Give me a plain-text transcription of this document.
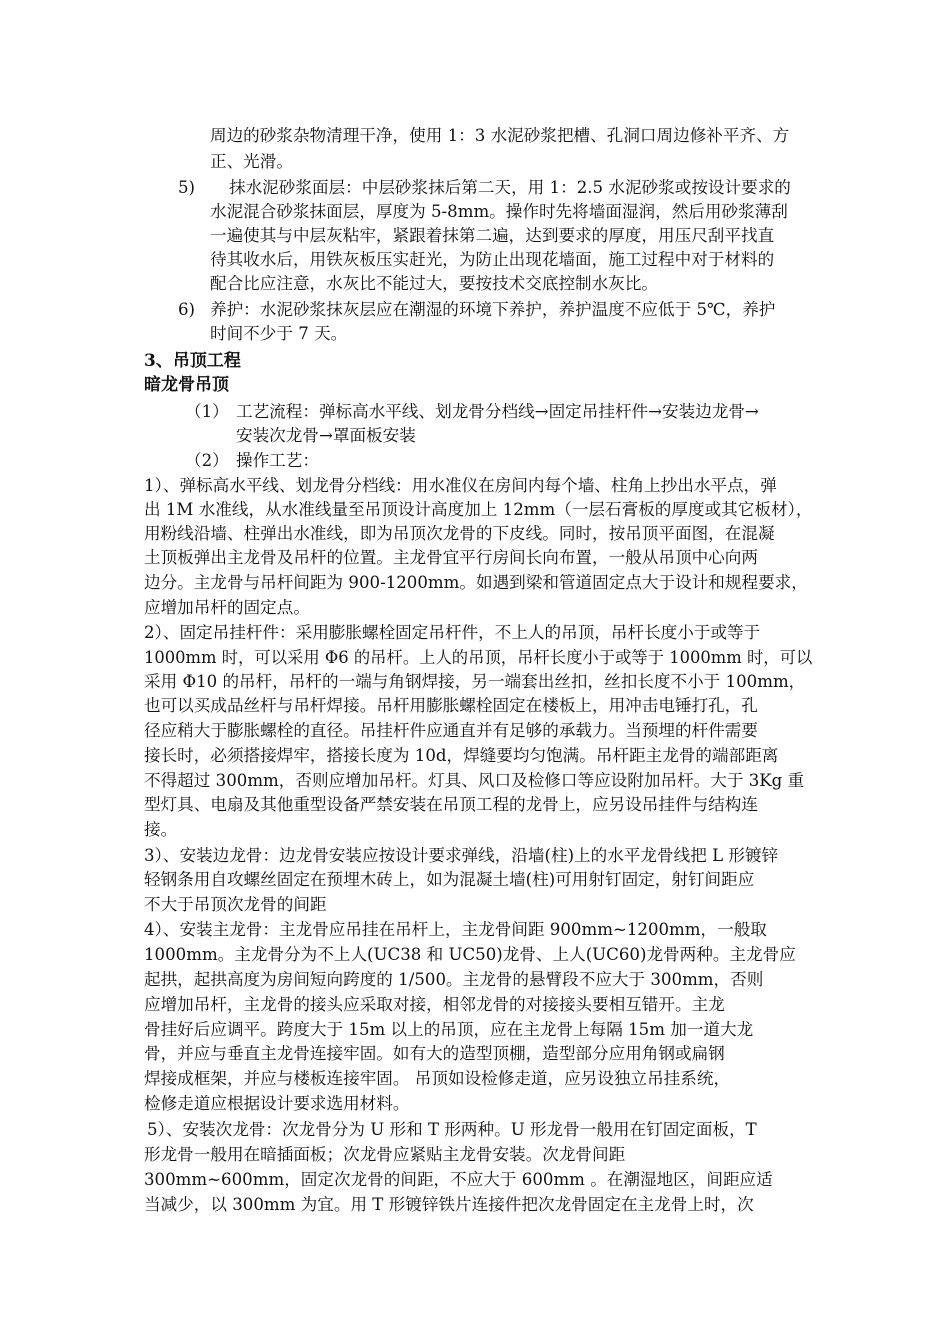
周边的砂浆杂物清理干净，使用 1：3 水泥砂浆把槽、孔洞口周边修补平齐、方
正、光滑。
5) 抹水泥砂浆面层：中层砂浆抹后第二天，用 1：2.5 水泥砂浆或按设计要求的
水泥混合砂浆抹面层，厚度为 5-8mm。操作时先将墙面湿润，然后用砂浆薄刮
一遍使其与中层灰粘牢，紧跟着抹第二遍，达到要求的厚度，用压尺刮平找直
待其收水后，用铁灰板压实赶光，为防止出现花墙面，施工过程中对于材料的
配合比应注意，水灰比不能过大，要按技术交底控制水灰比。
6) 养护：水泥砂浆抹灰层应在潮湿的环境下养护，养护温度不应低于 5℃，养护
时间不少于 7 天。
3、吊顶工程
暗龙骨吊顶
（1） 工艺流程：弹标高水平线、划龙骨分档线→固定吊挂杆件→安装边龙骨→
安装次龙骨→罩面板安装
（2） 操作工艺：
1）、弹标高水平线、划龙骨分档线：用水准仪在房间内每个墙、柱角上抄出水平点，弹
出 1M 水准线，从水准线量至吊顶设计高度加上 12mm（一层石膏板的厚度或其它板材），
用粉线沿墙、柱弹出水准线，即为吊顶次龙骨的下皮线。同时，按吊顶平面图，在混凝
土顶板弹出主龙骨及吊杆的位置。主龙骨宜平行房间长向布置，一般从吊顶中心向两
边分。主龙骨与吊杆间距为 900-1200mm。如遇到梁和管道固定点大于设计和规程要求，
应增加吊杆的固定点。
2）、固定吊挂杆件：采用膨胀螺栓固定吊杆件，不上人的吊顶，吊杆长度小于或等于
1000mm 时，可以采用 Φ6 的吊杆。上人的吊顶，吊杆长度小于或等于 1000mm 时，可以
采用 Φ10 的吊杆，吊杆的一端与角钢焊接，另一端套出丝扣，丝扣长度不小于 100mm，
也可以买成品丝杆与吊杆焊接。吊杆用膨胀螺栓固定在楼板上，用冲击电锤打孔，孔
径应稍大于膨胀螺栓的直径。吊挂杆件应通直并有足够的承载力。当预埋的杆件需要
接长时，必须搭接焊牢，搭接长度为 10d，焊缝要均匀饱满。吊杆距主龙骨的端部距离
不得超过 300mm，否则应增加吊杆。灯具、风口及检修口等应设附加吊杆。大于 3Kg 重
型灯具、电扇及其他重型设备严禁安装在吊顶工程的龙骨上，应另设吊挂件与结构连
接。
3）、安装边龙骨：边龙骨安装应按设计要求弹线，沿墙(柱)上的水平龙骨线把 L 形镀锌
轻钢条用自攻螺丝固定在预埋木砖上，如为混凝土墙(柱)可用射钉固定，射钉间距应
不大于吊顶次龙骨的间距
4）、安装主龙骨：主龙骨应吊挂在吊杆上，主龙骨间距 900mm~1200mm，一般取
1000mm。主龙骨分为不上人(UC38 和 UC50)龙骨、上人(UC60)龙骨两种。主龙骨应
起拱，起拱高度为房间短向跨度的 1/500。主龙骨的悬臂段不应大于 300mm，否则
应增加吊杆，主龙骨的接头应采取对接，相邻龙骨的对接接头要相互错开。主龙
骨挂好后应调平。跨度大于 15m 以上的吊顶，应在主龙骨上每隔 15m 加一道大龙
骨，并应与垂直主龙骨连接牢固。如有大的造型顶棚，造型部分应用角钢或扁钢
焊接成框架，并应与楼板连接牢固。 吊顶如设检修走道，应另设独立吊挂系统，
检修走道应根据设计要求选用材料。
5）、安装次龙骨：次龙骨分为 U 形和 T 形两种。U 形龙骨一般用在钉固定面板，T
形龙骨一般用在暗插面板；次龙骨应紧贴主龙骨安装。次龙骨间距
300mm~600mm，固定次龙骨的间距，不应大于 600mm 。在潮湿地区，间距应适
当减少，以 300mm 为宜。用 T 形镀锌铁片连接件把次龙骨固定在主龙骨上时，次
